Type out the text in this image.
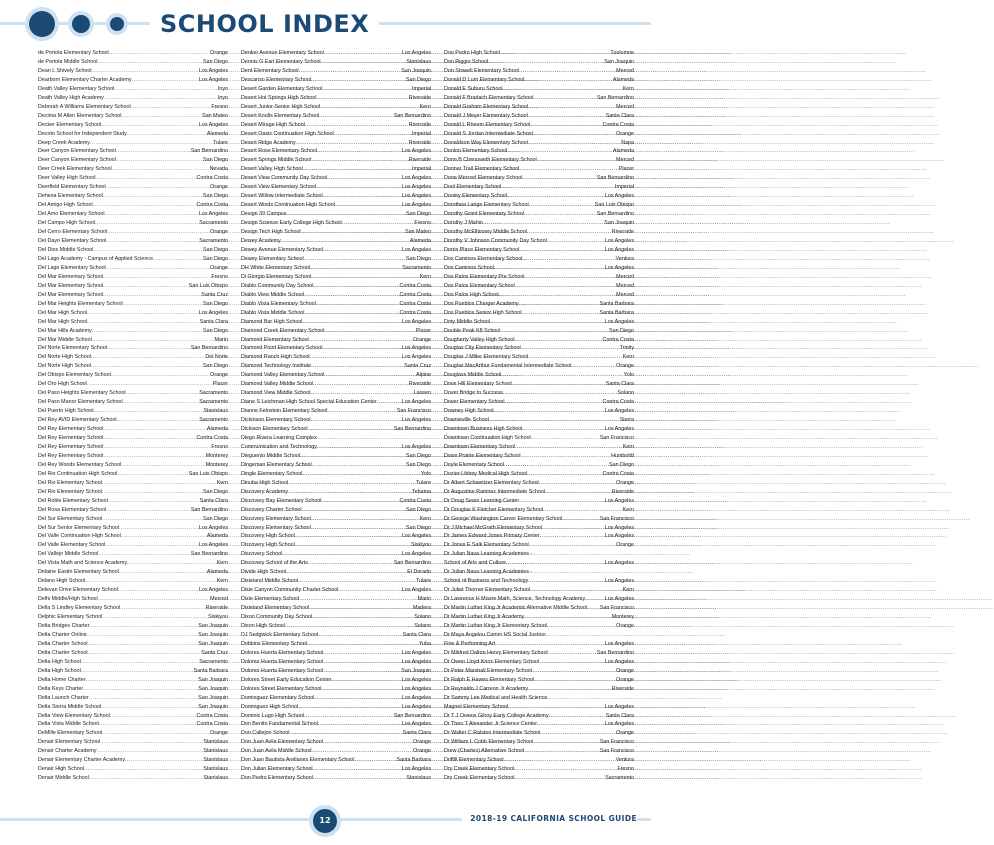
SCHOOL INDEX
de Portola Elementary School .....	Orange
de Portola Middle School .....	San Diego
Dean L Shively School .....	Los Angeles
Dearborn Elementary Charter Academy .....	Los Angeles
Death Valley Elementary School .....	Inyo
Death Valley High Academy .....	Inyo
Deborah A Williams Elementary School .....	Fresno
Decima M Allen Elementary School .....	San Mateo
Decker Elementary School .....	Los Angeles
Decoto School for Independent Study .....	Alameda
Deep Creek Academy .....	Tulare
Deer Canyon Elementary School .....	San Bernardino
Deer Canyon Elementary School .....	San Diego
Deer Creek Elementary School .....	Nevada
Deer Valley High School .....	Contra Costa
Deerfield Elementary School .....	Orange
Dehesa Elementary School .....	San Diego
Del Amigo High School .....	Contra Costa
Del Amo Elementary School .....	Los Angeles
Del Campo High School .....	Sacramento
Del Cerro Elementary School .....	Orange
Del Dayo Elementary School .....	Sacramento
Del Dios Middle School .....	San Diego
Del Lago Academy - Campus of Applied Science .....	San Diego
Del Lago Elementary School .....	Orange
Del Mar Elementary School .....	Fresno
Del Mar Elementary School .....	San Luis Obispo
Del Mar Elementary School .....	Santa Cruz
Del Mar Heights Elementary School .....	San Diego
Del Mar High School .....	Los Angeles
Del Mar High School .....	Santa Clara
Del Mar Hills Academy .....	San Diego
Del Mar Middle School .....	Marin
Del Norte Elementary School .....	San Bernardino
Del Norte High School .....	Del Norte
Del Norte High School .....	San Diego
Del Obispo Elementary School .....	Orange
Del Oro High School .....	Placer
Del Paso Heights Elementary School .....	Sacramento
Del Paso Manor Elementary School .....	Sacramento
Del Puerto High School .....	Stanislaus
Del Rey AVID Elementary School .....	Sacramento
Del Rey Elementary School .....	Alameda
Del Rey Elementary School .....	Contra Costa
Del Rey Elementary School .....	Fresno
Del Rey Elementary School .....	Monterey
Del Rey Woods Elementary School .....	Monterey
Del Rio Continuation High School .....	San Luis Obispo
Del Rio Elementary School .....	Kern
Del Rio Elementary School .....	San Diego
Del Roble Elementary School .....	Santa Clara
Del Rosa Elementary School .....	San Bernardino
Del Sur Elementary School .....	San Diego
Del Sur Senior Elementary School .....	Los Angeles
Del Valle Continuation High School .....	Alameda
Del Valle Elementary School .....	Los Angeles
Del Vallejo Middle School .....	San Bernardino
Del Vista Math and Science Academy .....	Kern
Delaine Eastin Elementary School .....	Alameda
Delano High School .....	Kern
Delevan Drive Elementary School .....	Los Angeles
Delhi Middle/High School .....	Merced
Della S Lindley Elementary School .....	Riverside
Delphic Elementary School .....	Siskiyou
Delta Bridges Charter .....	San Joaquin
Delta Charter Online .....	San Joaquin
Delta Charter School .....	San Joaquin
Delta Charter School .....	Santa Cruz
Delta High School .....	Sacramento
Delta High School .....	Santa Barbara
Delta Home Charter .....	San Joaquin
Delta Keys Charter .....	San Joaquin
Delta Launch Charter .....	San Joaquin
Delta Sierra Middle School .....	San Joaquin
Delta View Elementary School .....	Contra Costa
Delta Vista Middle School .....	Contra Costa
DeMille Elementary School .....	Orange
Denair Elementary School .....	Stanislaus
Denair Charter Academy .....	Stanislaus
Denair Elementary Charter Academy .....	Stanislaus
Denair High School .....	Stanislaus
Denair Middle School .....	Stanislaus
Denker Avenue Elementary School .....	Los Angeles
Dennis G Earl Elementary School .....	Stanislaus
Dent Elementary School .....	San Joaquin
Descanso Elementary School .....	San Diego
Desert Garden Elementary School .....	Imperial
Desert Hot Springs High School .....	Riverside
Desert Junior-Senior High School .....	Kern
Desert Knolls Elementary School .....	San Bernardino
Desert Mirage High School .....	Riverside
Desert Oasis Continuation High School .....	Imperial
Desert Ridge Academy .....	Riverside
Desert Rose Elementary School .....	Los Angeles
Desert Springs Middle School .....	Riverside
Desert Valley High School .....	Imperial
Desert View Community Day School .....	Los Angeles
Desert View Elementary School .....	Los Angeles
Desert Willow Intermediate School .....	Los Angeles
Desert Winds Continuation High School .....	Los Angeles
Design 39 Campus .....	San Diego
Design Science Early College High School .....	Fresno
Design Tech High School .....	San Mateo
Dewey Academy .....	Alameda
Dewey Avenue Elementary School .....	Los Angeles
Dewey Elementary School .....	San Diego
DH White Elementary School .....	Sacramento
Di Giorgio Elementary School .....	Kern
Diablo Community Day School .....	Contra Costa
Diablo View Middle School .....	Contra Costa
Diablo Vista Elementary School .....	Contra Costa
Diablo Vista Middle School .....	Contra Costa
Diamond Bar High School .....	Los Angeles
Diamond Creek Elementary School .....	Placer
Diamond Elementary School .....	Orange
Diamond Point Elementary School .....	Los Angeles
Diamond Ranch High School .....	Los Angeles
Diamond Technology Institute .....	Santa Cruz
Diamond Valley Elementary School .....	Alpine
Diamond Valley Middle School .....	Riverside
Diamond View Middle School .....	Lassen
Diane S Leichman High School Special Education Center .....	Los Angeles
Dianne Feinstein Elementary School .....	San Francisco
Dickinson Elementary School .....	Los Angeles
Dickison Elementary School .....	San Bernardino
Diego Rivera Learning Complex
Communication and Technology .....	Los Angeles
Dieguenio Middle School .....	San Diego
Dingeman Elementary School .....	San Diego
Dingle Elementary School .....	Yolo
Dinuba High School .....	Tulare
Discovery Academy .....	Tehama
Discovery Bay Elementary School .....	Contra Costa
Discovery Charter School .....	San Diego
Discovery Elementary School .....	Kern
Discovery Elementary School .....	San Diego
Discovery High School .....	Los Angeles
Discovery High School .....	Siskiyou
Discovery School .....	Los Angeles
Discovery School of the Arts .....	San Bernardino
Divide High School .....	El Dorado
Dixieland Middle School .....	Tulare
Dixie Canyon Community Charter School .....	Los Angeles
Dixie Elementary School .....	Marin
Dixieland Elementary School .....	Madera
Dixon Community Day School .....	Solano
Dixon High School .....	Solano
DJ Sedgwick Elementary School .....	Santa Clara
Dobbins Elementary School .....	Yuba
Dolores Huerta Elementary School .....	Los Angeles
Dolores Huerta Elementary School .....	Los Angeles
Dolores Huerta Elementary School .....	San Joaquin
Dolores Street Early Education Center .....	Los Angeles
Dolores Street Elementary School .....	Los Angeles
Dominguez Elementary School .....	Los Angeles
Dominguez High School .....	Los Angeles
Dominic Lugo High School .....	San Bernardino
Don Benito Fundamental School .....	Los Angeles
Don Callejon School .....	Santa Clara
Don Juan Avila Elementary School .....	Orange
Don Juan Avila Middle School .....	Orange
Don Juan Bautista Arellanes Elementary School .....	Santa Barbara
Don Julian Elementary School .....	Los Angeles
Don Pedro Elementary School .....	Stanislaus
Don Pedro High School .....	Tuolumne
Don Riggio School .....	San Joaquin
Don Stowell Elementary School .....	Merced
Donald D Lum Elementary School .....	Alameda
Donald E Suburu School .....	Kern
Donald F Bradach Elementary School .....	San Bernardino
Donald Graham Elementary School .....	Merced
Donald J Meyer Elementary School .....	Santa Clara
Donald L Rheem Elementary School .....	Contra Costa
Donald S Jordan Intermediate School .....	Orange
Donaldson Way Elementary School .....	Napa
Donlon Elementary School .....	Alameda
Donn B Chenoweth Elementary School .....	Merced
Donner Trail Elementary School .....	Placer
Dona Merced Elementary School .....	San Bernardino
Dool Elementary School .....	Imperial
Dooley Elementary School .....	Los Angeles
Dorothea Lange Elementary School .....	San Luis Obispo
Dorothy Grant Elementary School .....	San Bernardino
Dorothy J Mahin .....	San Joaquin
Dorothy McElhinney Middle School .....	Riverside
Dorothy V Johnson Community Day School .....	Los Angeles
Dorris Place Elementary School .....	Los Angeles
Dos Caminos Elementary School .....	Ventura
Dos Caminos School .....	Los Angeles
Dos Palos Elementary Pre School .....	Merced
Dos Palos Elementary School .....	Merced
Dos Palos High School .....	Merced
Dos Pueblos Charger Academy .....	Santa Barbara
Dos Pueblos Senior High School .....	Santa Barbara
Doty Middle School .....	Los Angeles
Double Peak K8 School .....	San Diego
Dougherty Valley High School .....	Contra Costa
Douglas City Elementary School .....	Trinity
Douglas J Miller Elementary School .....	Kern
Douglas MacArthur Fundamental Intermediate School .....	Orange
Douglass Middle School .....	Yolo
Dove Hill Elementary School .....	Santa Clara
Dover Bridge to Success .....	Solano
Dover Elementary School .....	Contra Costa
Downey High School .....	Los Angeles
Downieville School .....	Sierra
Downtown Business High School .....	Los Angeles
Downtown Continuation High School .....	San Francisco
Downtown Elementary School .....	Kern
Dows Prairie Elementary School .....	Humboldt
Doyle Elementary School .....	San Diego
Dozier-Libbey Medical High School .....	Contra Costa
Dr Albert Schweitzer Elementary School .....	Orange
Dr Augustine Ramirez Intermediate School .....	Riverside
Dr Doug Sears Learning Center .....	Los Angeles
Dr Douglas K Fletcher Elementary School .....	Kern
Dr George Washington Carver Elementary School .....	San Francisco
Dr J Michael McGrath Elementary School .....	Los Angeles
Dr James Edward Jones Primary Center .....	Los Angeles
Dr Jonas E Salk Elementary School .....	Orange
Dr Julian Nava Learning Academies -
School of Arts and Culture .....	Los Angeles
Dr Julian Nava Learning Academies -
School of Business and Technology .....	Los Angeles
Dr Juliet Thorner Elementary School .....	Kern
Dr Lawrence H Moore Math, Science, Technology Academy .....	Los Angeles
Dr Martin Luther King Jr Academic Alternative Middle School ..... San Francisco
Dr Martin Luther King Jr Academy .....	Monterey
Dr Martin Luther King Jr Elementary School .....	Orange
Dr Maya Angelou Comm HS Social Justice:
Fine & Performing Art .....	Los Angeles
Dr Mildred Dalton Henry Elementary School .....	San Bernardino
Dr Owen Lloyd Knox Elementary School .....	Los Angeles
Dr Peter Marshall Elementary School .....	Orange
Dr Ralph E Hawes Elementary School .....	Orange
Dr Reynaldo J Carreon Jr Academy .....	Riverside
Dr Sammy Lee Medical and Health Science
Magnet Elementary School .....	Los Angeles
Dr T J Owens Gilroy Early College Academy .....	Santa Clara
Dr Theo T Alexander Jr Science Center .....	Los Angeles
Dr Walter C Ralston Intermediate School .....	Orange
Dr William L Cobb Elementary School .....	San Francisco
Drew (Charles) Alternative School .....	San Francisco
Driffill Elementary School .....	Ventura
Dry Creek Elementary School .....	Fresno
Dry Creek Elementary School .....	Sacramento
12	2018-19 CALIFORNIA SCHOOL GUIDE
